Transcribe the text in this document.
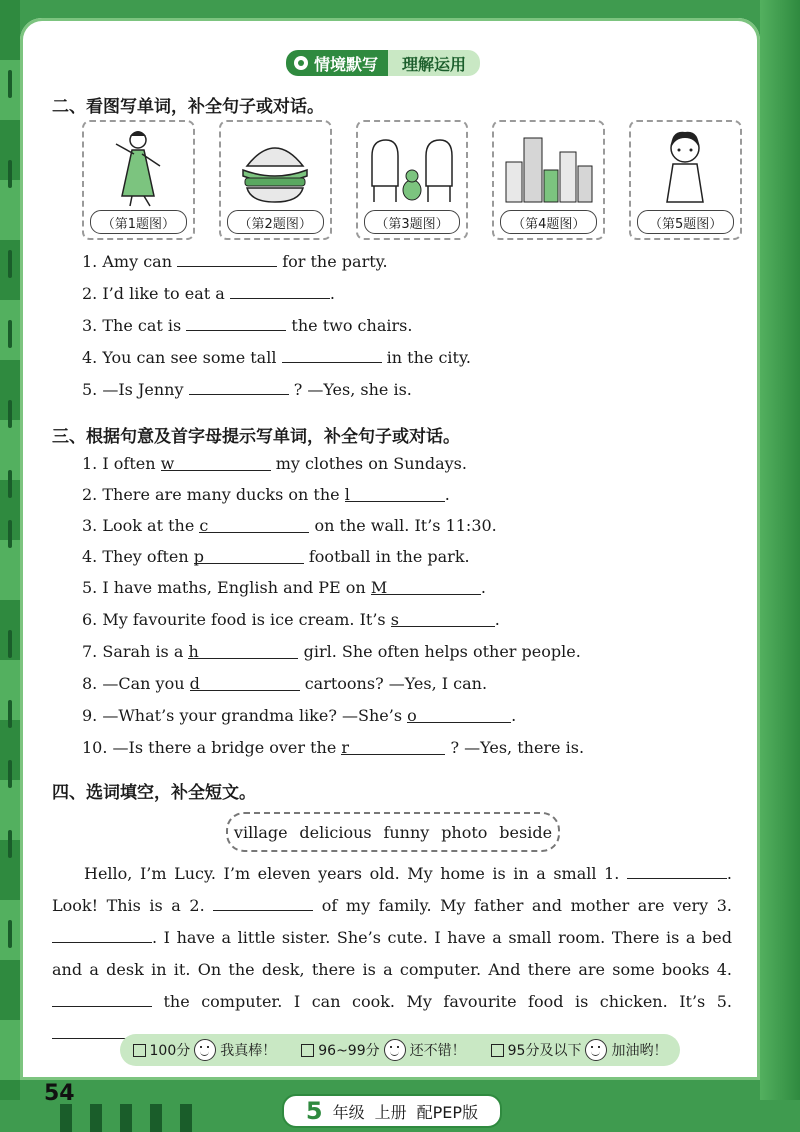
情境默写	理解运用
二、看图写单词，补全句子或对话。
（第1题图）	（第2题图）	（第3题图）	（第4题图）	（第5题图）
1. Amy can	for the party.
2. I’d like to eat a	.
3. The cat is	the two chairs.
4. You can see some tall	in the city.
5. —Is Jenny	? —Yes, she is.
三、根据句意及首字母提示写单词，补全句子或对话。
1. I often w	my clothes on Sundays.
2. There are many ducks on the l	.
3. Look at the c	on the wall. It’s 11:30.
4. They often p	football in the park.
5. I have maths, English and PE on M	.
6. My favourite food is ice cream. It’s s	.
7. Sarah is a h	girl. She often helps other people.
8. —Can you d	cartoons? —Yes, I can.
9. —What’s your grandma like? —She’s o	.
10. —Is there a bridge over the r	? —Yes, there is.
四、选词填空，补全短文。
village delicious funny photo beside
Hello, I’m Lucy. I’m eleven years old. My home is in a small 1.	. Look! This is a 2.	of my family. My father and mother are very 3. . I have a little sister. She’s cute. I have a small room. There is a bed and a desk in it. On the desk, there is a computer. And there are some books 4.  the computer. I can cook. My favourite food is chicken. It’s 5.
100分 我真棒！	96~99分 还不错！	95分及以下 加油哟！
54
5 年级 上册 配PEP版
